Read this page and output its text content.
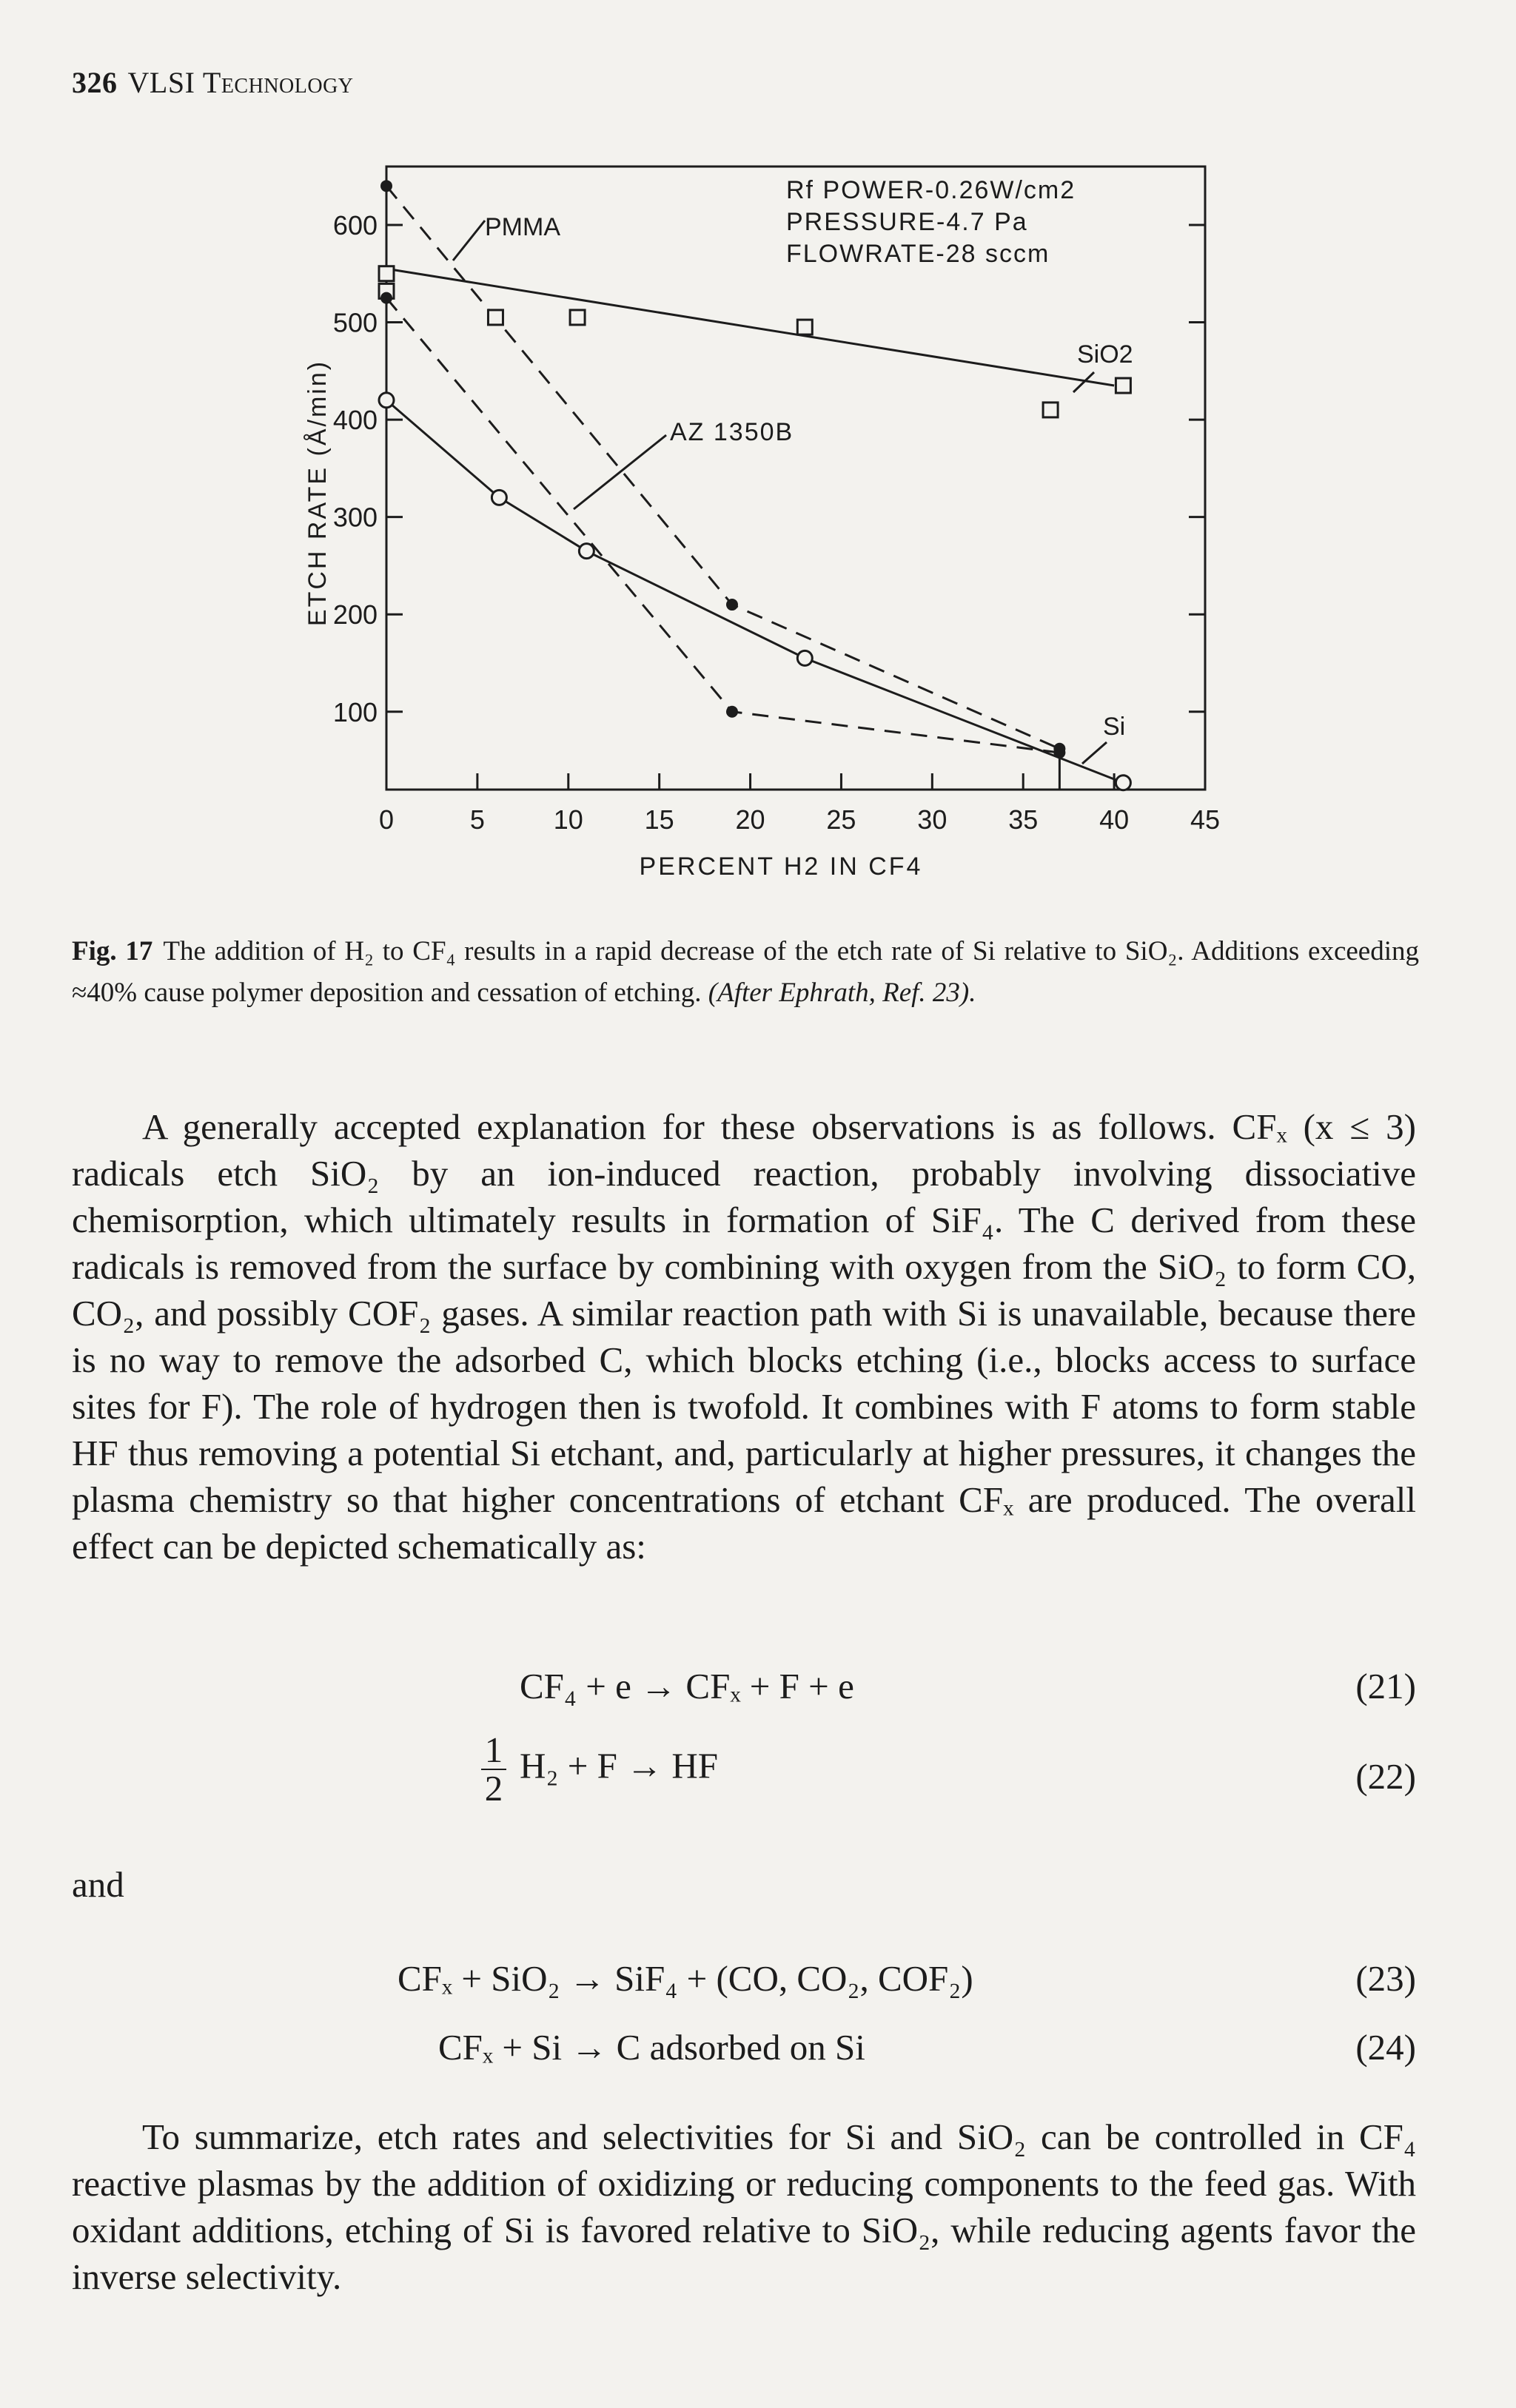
326 VLSI Technology
100
200
300
400
500
600
0	5	10 15 20 25 30 35 40 45
PERCENT H2 IN CF4
ETCH RATE (Å/min)
Rf POWER-0.26W/cm2
PRESSURE-4.7 Pa
FLOWRATE-28 sccm
PMMA
AZ 1350B
SiO2
Si
Fig. 17 The addition of H₂ to CF₄ results in a rapid decrease of the etch rate of Si relative to SiO₂. Additions exceeding ≈40% cause polymer deposition and cessation of etching. (After Ephrath, Ref. 23).

A generally accepted explanation for these observations is as follows. CFₓ (x ≤ 3) radicals etch SiO₂ by an ion-induced reaction, probably involving dissociative chemisorption, which ultimately results in formation of SiF₄. The C derived from these radicals is removed from the surface by combining with oxygen from the SiO₂ to form CO, CO₂, and possibly COF₂ gases. A similar reaction path with Si is unavailable, because there is no way to remove the adsorbed C, which blocks etching (i.e., blocks access to surface sites for F). The role of hydrogen then is twofold. It combines with F atoms to form stable HF thus removing a potential Si etchant, and, particularly at higher pressures, it changes the plasma chemistry so that higher concentrations of etchant CFₓ are produced. The overall effect can be depicted schematically as:

CF₄ + e → CFₓ + F + e	(21)
$\frac{1}{2} H_2 + F$ → HF	(22)
and
CFₓ + SiO₂ → SiF₄ + (CO, CO₂, COF₂)	(23)
CFₓ + Si → C adsorbed on Si	(24)

To summarize, etch rates and selectivities for Si and SiO₂ can be controlled in CF₄ reactive plasmas by the addition of oxidizing or reducing components to the feed gas. With oxidant additions, etching of Si is favored relative to SiO₂, while reducing agents favor the inverse selectivity.
